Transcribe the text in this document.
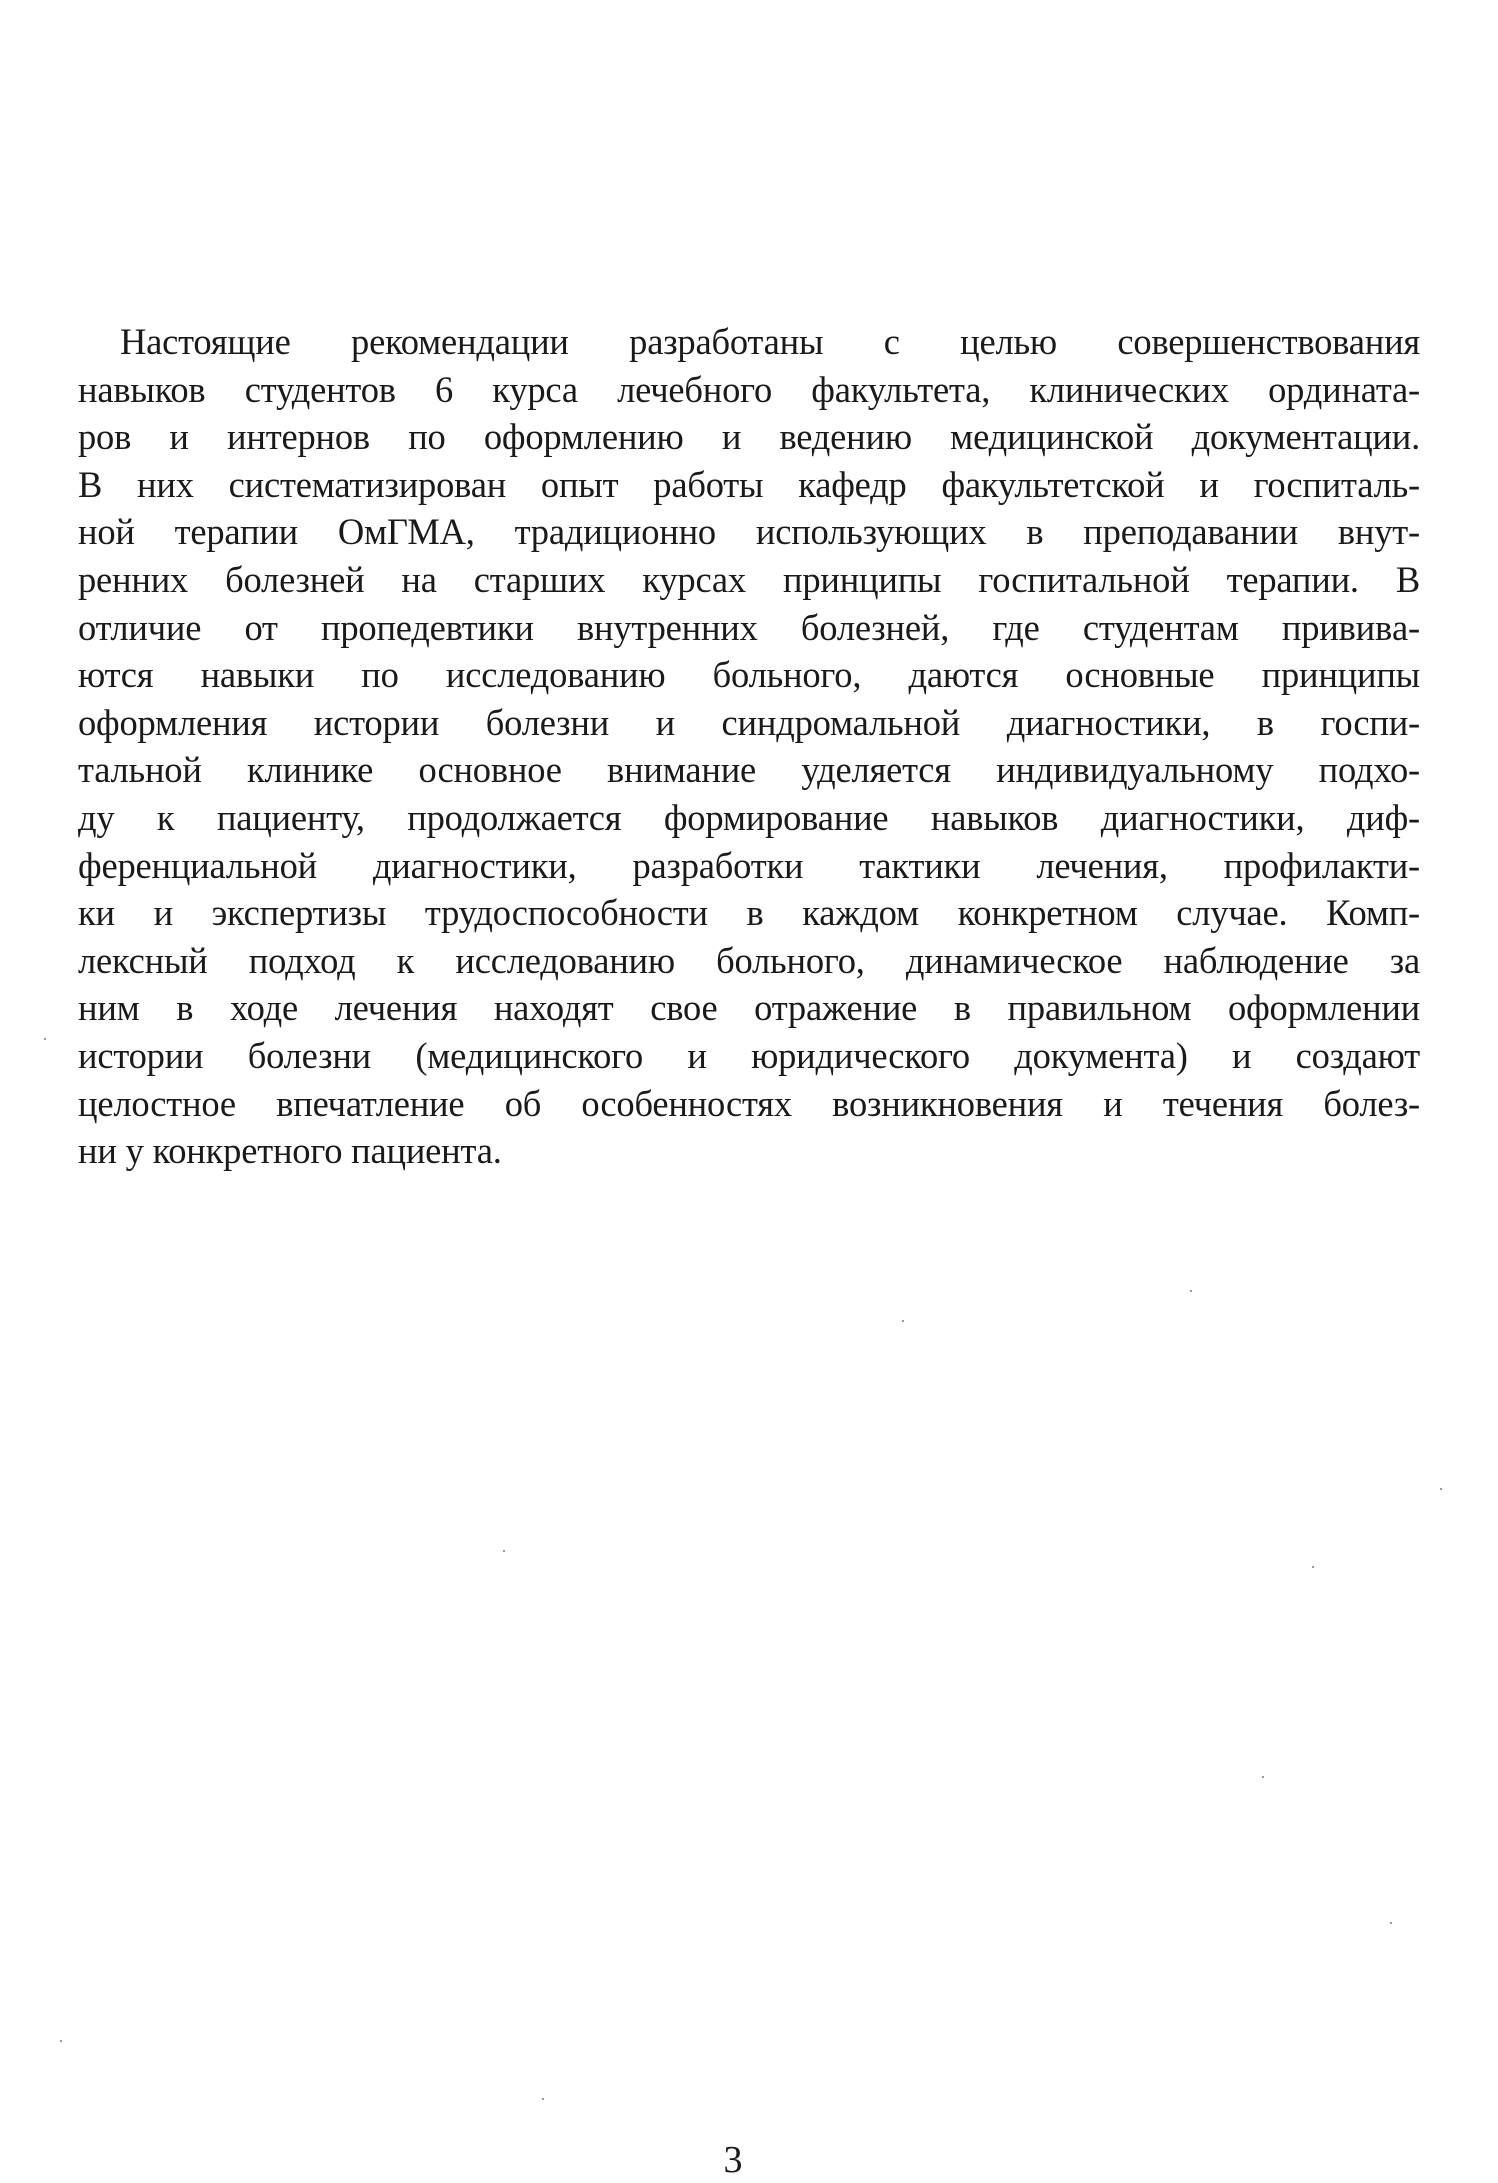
Настоящие рекомендации разработаны с целью совершенствования
навыков студентов 6 курса лечебного факультета, клинических ордината-
ров и интернов по оформлению и ведению медицинской документации.
В них систематизирован опыт работы кафедр факультетской и госпиталь-
ной терапии ОмГМА, традиционно использующих в преподавании внут-
ренних болезней на старших курсах принципы госпитальной терапии. В
отличие от пропедевтики внутренних болезней, где студентам прививa-
ются навыки по исследованию больного, даются основные принципы
оформления истории болезни и синдромальной диагностики, в госпи-
тальной клинике основное внимание уделяется индивидуальному подхо-
ду к пациенту, продолжается формирование навыков диагностики, диф-
ференциальной диагностики, разработки тактики лечения, профилакти-
ки и экспертизы трудоспособности в каждом конкретном случае. Комп-
лексный подход к исследованию больного, динамическое наблюдение за
ним в ходе лечения находят свое отражение в правильном оформлении
истории болезни (медицинского и юридического документа) и создают
целостное впечатление об особенностях возникновения и течения болез-
ни у конкретного пациента.
3
